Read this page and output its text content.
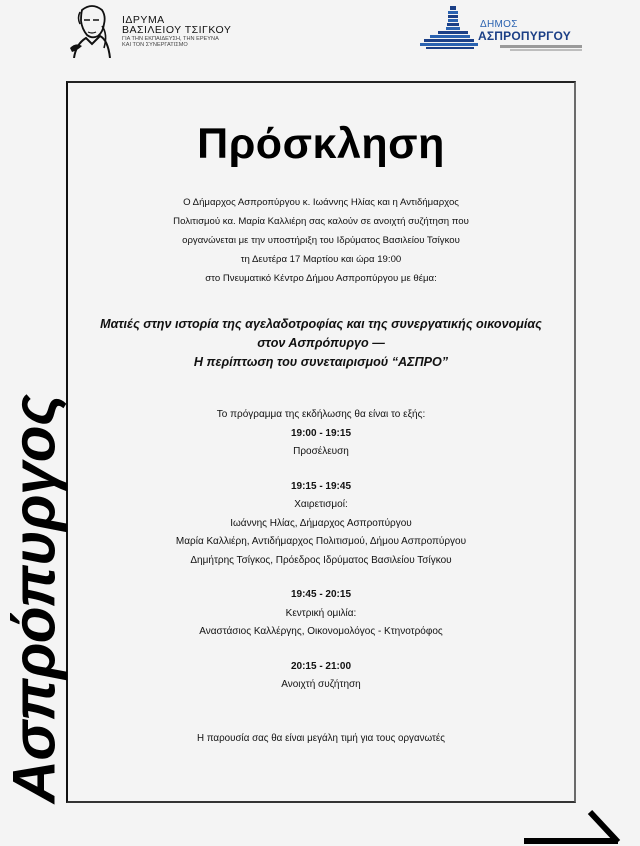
ΙΔΡΥΜΑ
ΒΑΣΙΛΕΙΟΥ ΤΣΙΓΚΟΥ
ΓΙΑ ΤΗΝ ΕΚΠΑΙΔΕΥΣΗ, ΤΗΝ ΕΡΕΥΝΑ
ΚΑΙ ΤΟΝ ΣΥΝΕΡΓΑΤΙΣΜΟ
ΔΗΜΟΣ
ΑΣΠΡΟΠΥΡΓΟΥ
Πρόσκληση
Ο Δήμαρχος Ασπροπύργου κ. Ιωάννης Ηλίας και η Αντιδήμαρχος
Πολιτισμού κα. Μαρία Καλλιέρη σας καλούν σε ανοιχτή συζήτηση που
οργανώνεται με την υποστήριξη του Ιδρύματος Βασιλείου Τσίγκου
τη Δευτέρα 17 Μαρτίου και ώρα 19:00
στο Πνευματικό Κέντρο Δήμου Ασπροπύργου με θέμα:
Ματιές στην ιστορία της αγελαδοτροφίας και της συνεργατικής οικονομίας
στον Ασπρόπυργο —
Η περίπτωση του συνεταιρισμού “ΑΣΠΡΟ”
Το πρόγραμμα της εκδήλωσης θα είναι το εξής:
19:00 - 19:15
Προσέλευση
19:15 - 19:45
Χαιρετισμοί:
Ιωάννης Ηλίας, Δήμαρχος Ασπροπύργου
Μαρία Καλλιέρη, Αντιδήμαρχος Πολιτισμού, Δήμου Ασπροπύργου
Δημήτρης Τσίγκος, Πρόεδρος Ιδρύματος Βασιλείου Τσίγκου
19:45 - 20:15
Κεντρική ομιλία:
Αναστάσιος Καλλέργης, Οικονομολόγος - Κτηνοτρόφος
20:15 - 21:00
Ανοιχτή συζήτηση
Η παρουσία σας θα είναι μεγάλη τιμή για τους οργανωτές
Ασπρόπυργος
